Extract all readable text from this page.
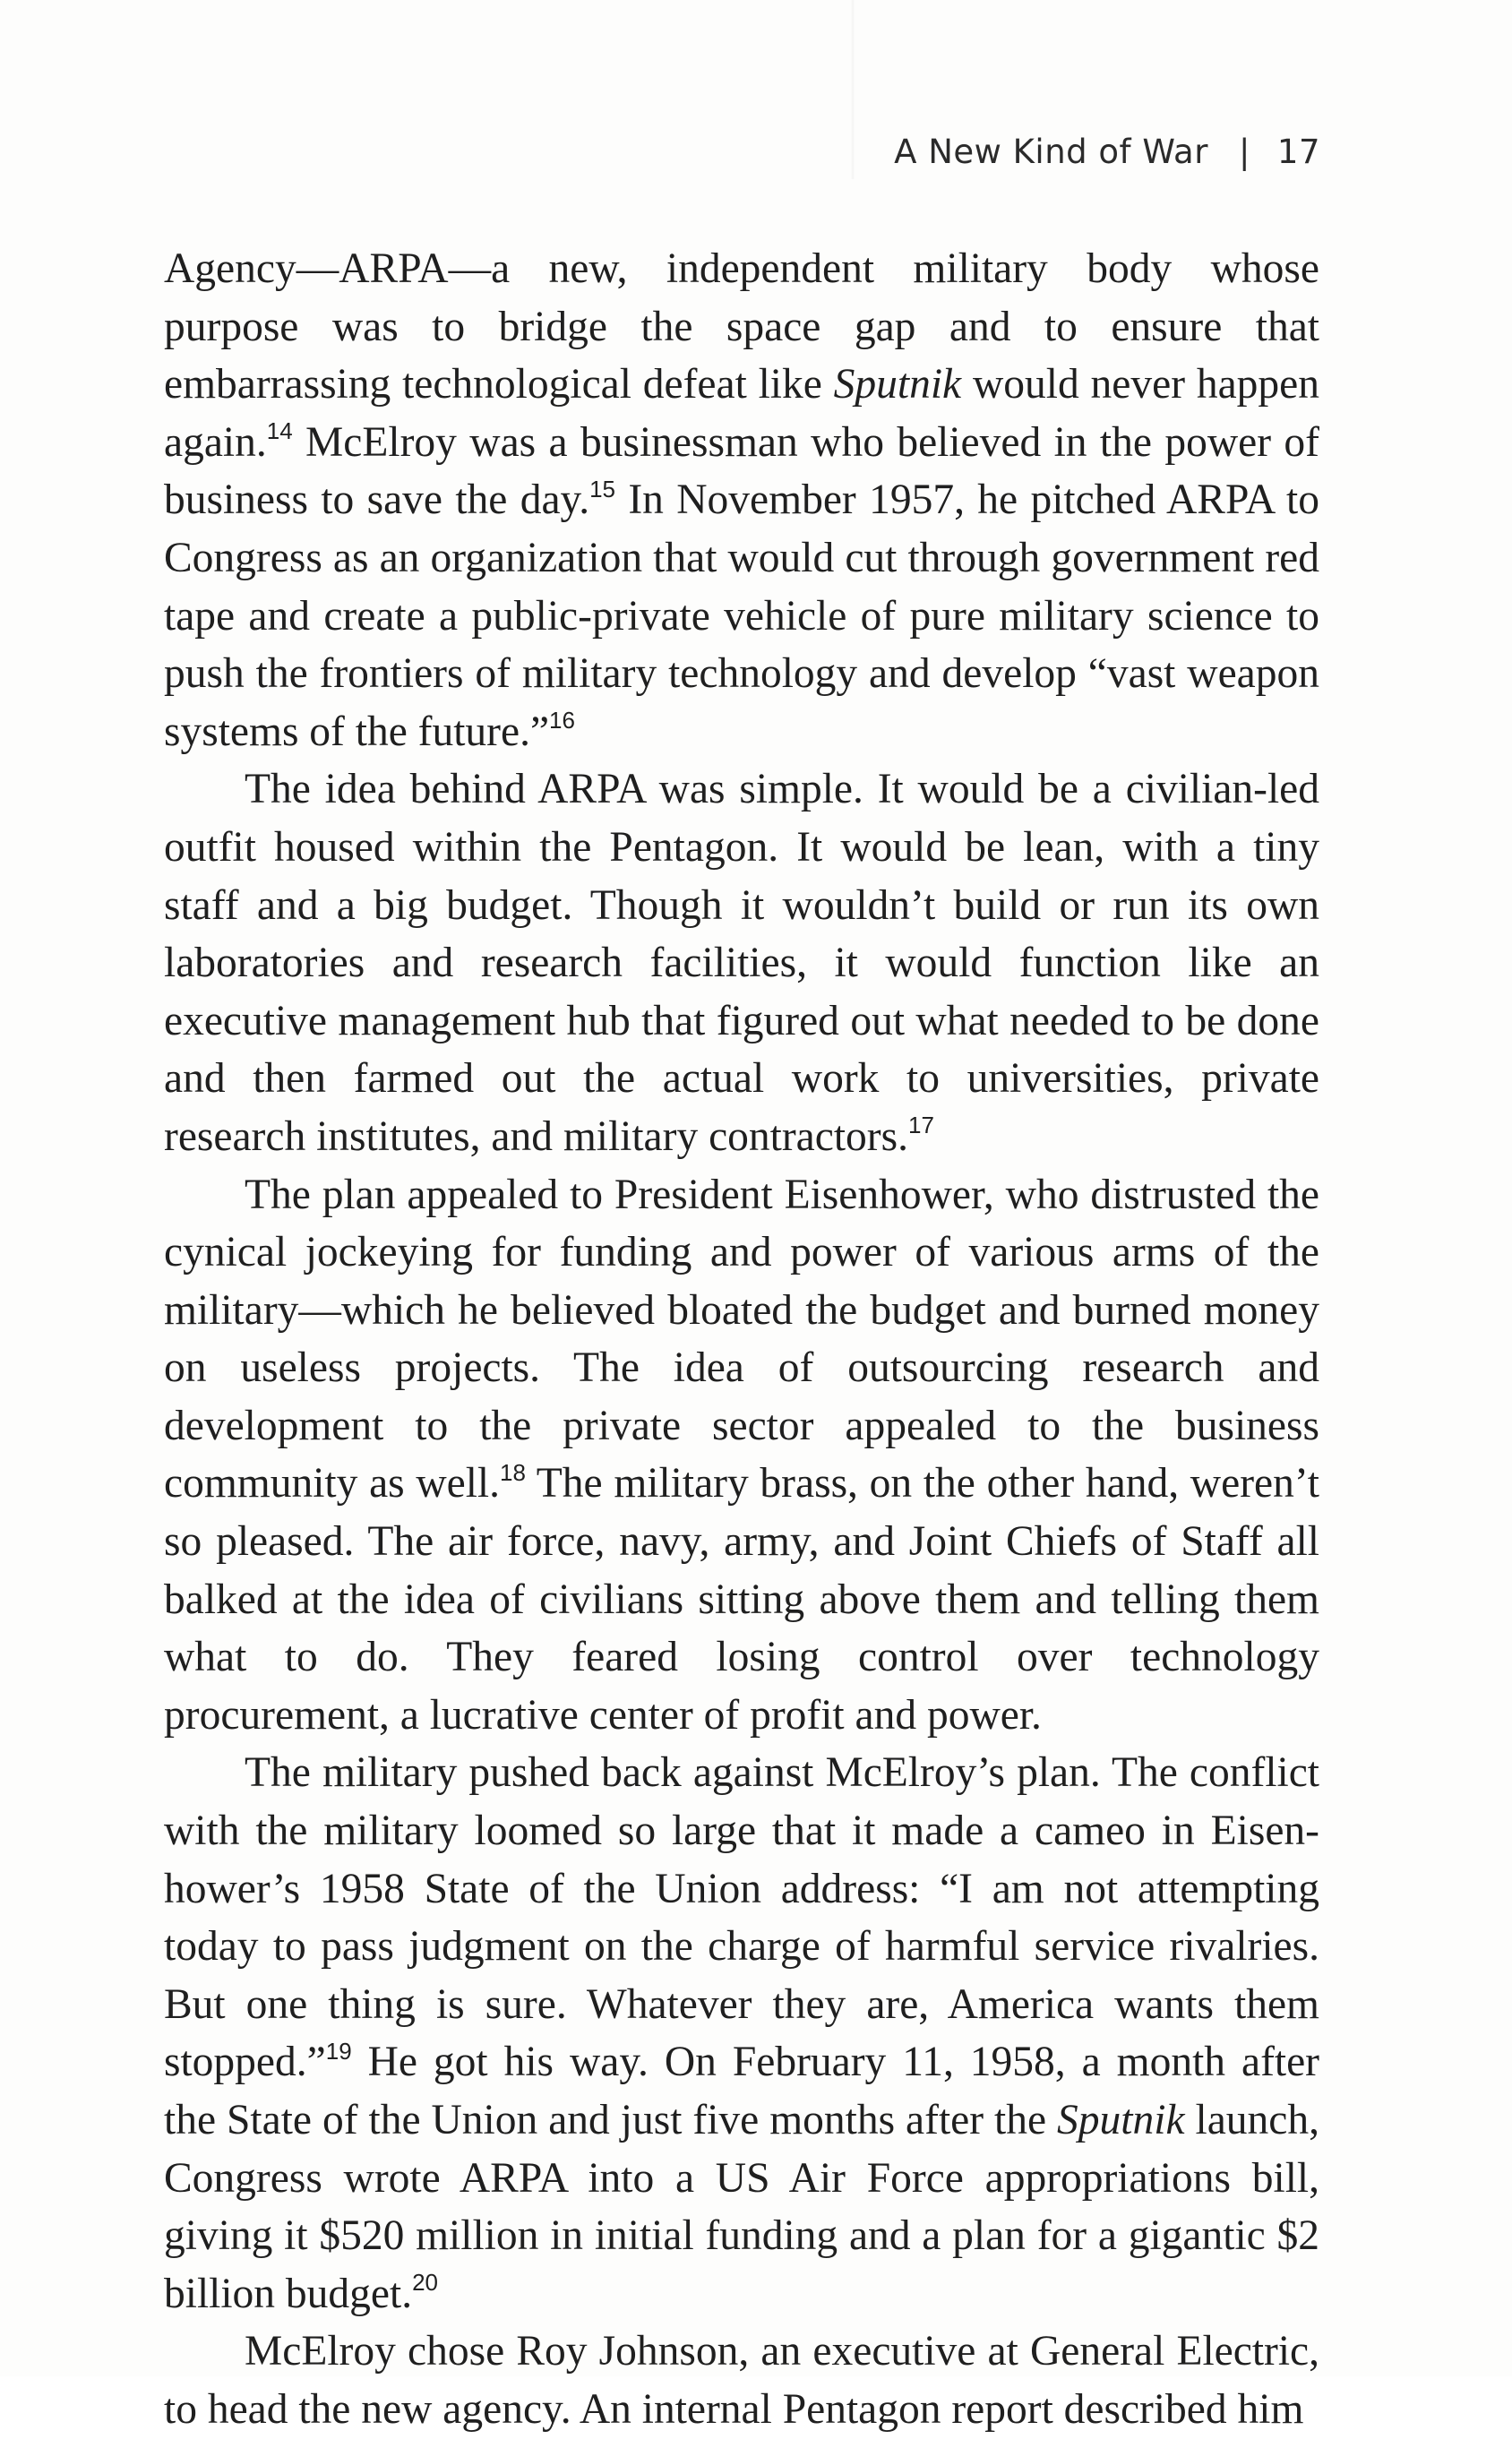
A New Kind of War | 17

Agency—ARPA—a new, independent military body whose purpose was to bridge the space gap and to ensure that embarrassing technological defeat like Sputnik would never happen again.$^{14}$ McElroy was a businessman who believed in the power of business to save the day.$^{15}$ In November 1957, he pitched ARPA to Congress as an organization that would cut through government red tape and create a public-private vehicle of pure military science to push the frontiers of military technology and develop “vast weapon systems of the future.”$^{16}$

The idea behind ARPA was simple. It would be a civilian-led outfit housed within the Pentagon. It would be lean, with a tiny staff and a big budget. Though it wouldn’t build or run its own laboratories and research facilities, it would function like an executive management hub that figured out what needed to be done and then farmed out the actual work to universities, private research institutes, and military contractors.$^{17}$

The plan appealed to President Eisenhower, who distrusted the cynical jockeying for funding and power of various arms of the military—which he believed bloated the budget and burned money on useless projects. The idea of outsourcing research and development to the private sector appealed to the business community as well.$^{18}$ The military brass, on the other hand, weren’t so pleased. The air force, navy, army, and Joint Chiefs of Staff all balked at the idea of civilians sitting above them and telling them what to do. They feared losing control over technology procurement, a lucrative center of profit and power.

The military pushed back against McElroy’s plan. The conflict with the military loomed so large that it made a cameo in Eisenhower’s 1958 State of the Union address: “I am not attempting today to pass judgment on the charge of harmful service rivalries. But one thing is sure. Whatever they are, America wants them stopped.”$^{19}$ He got his way. On February 11, 1958, a month after the State of the Union and just five months after the Sputnik launch, Congress wrote ARPA into a US Air Force appropriations bill, giving it $520 million in initial funding and a plan for a gigantic $2 billion budget.$^{20}$

McElroy chose Roy Johnson, an executive at General Electric, to head the new agency. An internal Pentagon report described him
